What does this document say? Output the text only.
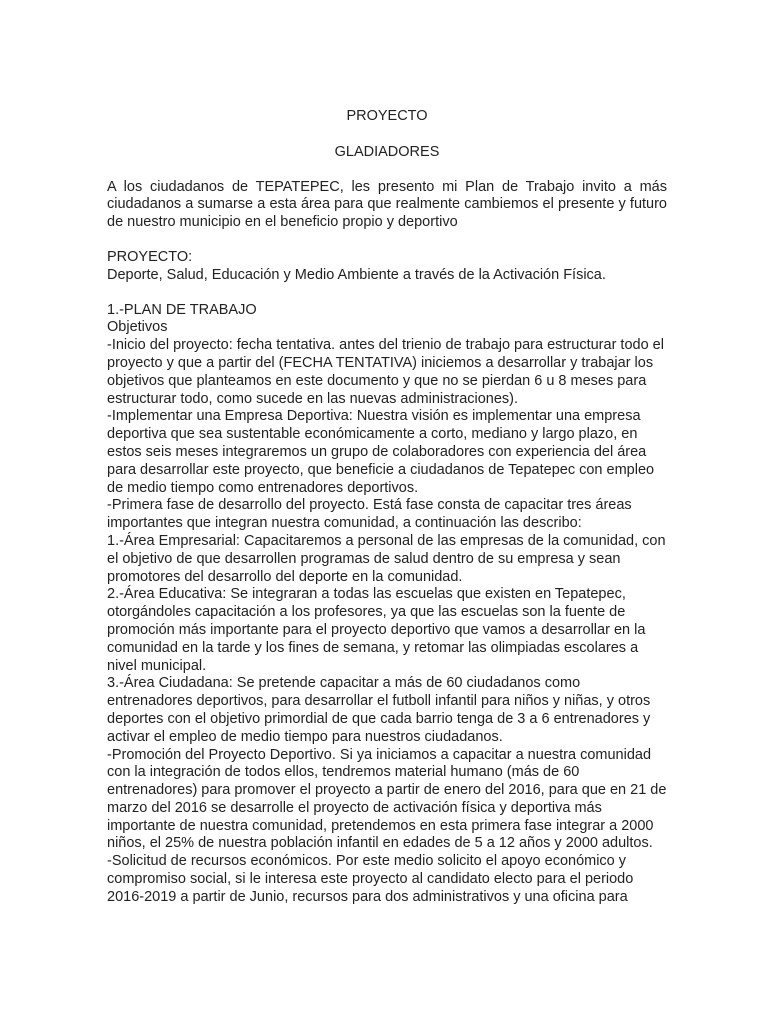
PROYECTO

GLADIADORES

A los ciudadanos de TEPATEPEC, les presento mi Plan de Trabajo invito a más ciudadanos a sumarse a esta área para que realmente cambiemos el presente y futuro de nuestro municipio en el beneficio propio y deportivo

PROYECTO:

Deporte, Salud, Educación y Medio Ambiente a través de la Activación Física.

1.-PLAN DE TRABAJO

Objetivos

-Inicio del proyecto: fecha tentativa. antes del trienio de trabajo para estructurar todo el proyecto y que a partir del (FECHA TENTATIVA) iniciemos a desarrollar y trabajar los objetivos que planteamos en este documento y que no se pierdan 6 u 8 meses para estructurar todo, como sucede en las nuevas administraciones).

-Implementar una Empresa Deportiva: Nuestra visión es implementar una empresa deportiva que sea sustentable económicamente a corto, mediano y largo plazo, en estos seis meses integraremos un grupo de colaboradores con experiencia del área para desarrollar este proyecto, que beneficie a ciudadanos de Tepatepec con empleo de medio tiempo como entrenadores deportivos.

-Primera fase de desarrollo del proyecto. Está fase consta de capacitar tres áreas importantes que integran nuestra comunidad, a continuación las describo:

1.-Área Empresarial: Capacitaremos a personal de las empresas de la comunidad, con el objetivo de que desarrollen programas de salud dentro de su empresa y sean promotores del desarrollo del deporte en la comunidad.

2.-Área Educativa: Se integraran a todas las escuelas que existen en Tepatepec, otorgándoles capacitación a los profesores, ya que las escuelas son la fuente de promoción más importante para el proyecto deportivo que vamos a desarrollar en la comunidad en la tarde y los fines de semana, y retomar las olimpiadas escolares a nivel municipal.

3.-Área Ciudadana: Se pretende capacitar a más de 60 ciudadanos como entrenadores deportivos, para desarrollar el futboll infantil para niños y niñas, y otros deportes con el objetivo primordial de que cada barrio tenga de 3 a 6 entrenadores y activar el empleo de medio tiempo para nuestros ciudadanos.

-Promoción del Proyecto Deportivo. Si ya iniciamos a capacitar a nuestra comunidad con la integración de todos ellos, tendremos material humano (más de 60 entrenadores) para promover el proyecto a partir de enero del 2016, para que en 21 de marzo del 2016 se desarrolle el proyecto de activación física y deportiva más importante de nuestra comunidad, pretendemos en esta primera fase integrar a 2000 niños, el 25% de nuestra población infantil en edades de 5 a 12 años y 2000 adultos.

-Solicitud de recursos económicos. Por este medio solicito el apoyo económico y compromiso social, si le interesa este proyecto al candidato electo para el periodo 2016-2019 a partir de Junio, recursos para dos administrativos y una oficina para
